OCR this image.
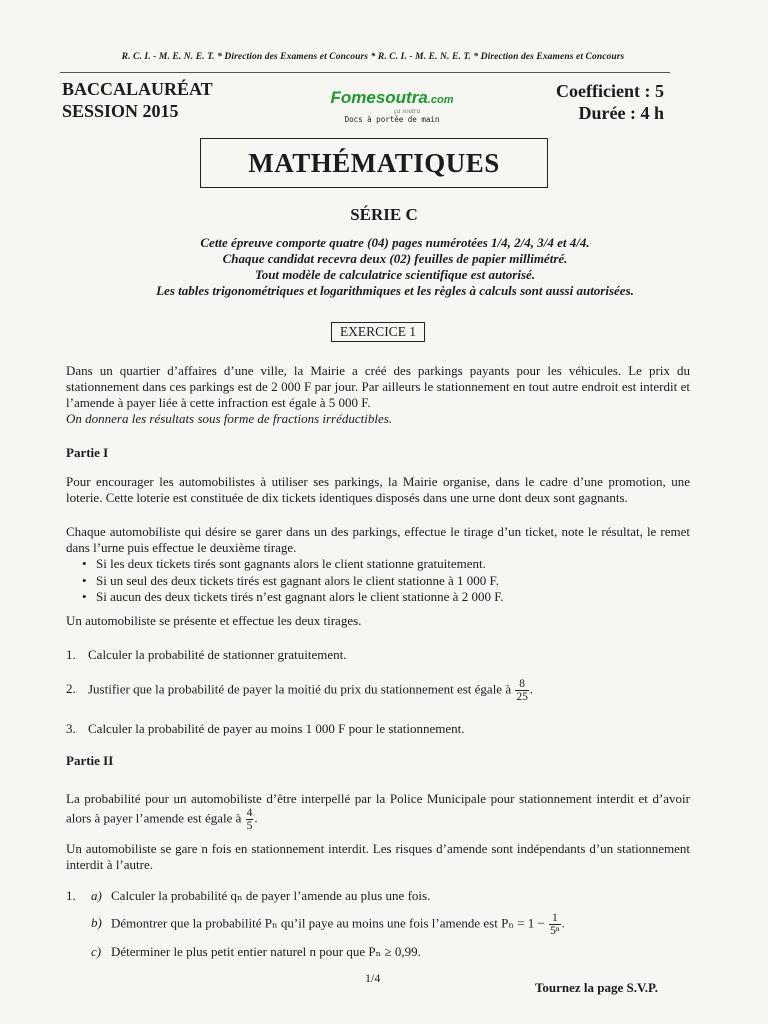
R. C. I. - M. E. N. E. T. * Direction des Examens et Concours * R. C. I. - M. E. N. E. T. * Direction des Examens et Concours
BACCALAURÉAT
SESSION 2015
Fomesoutra.com
ça soutra
Docs à portée de main
Coefficient : 5
Durée : 4 h
MATHÉMATIQUES
SÉRIE C
Cette épreuve comporte quatre (04) pages numérotées 1/4, 2/4, 3/4 et 4/4.
Chaque candidat recevra deux (02) feuilles de papier millimétré.
Tout modèle de calculatrice scientifique est autorisé.
Les tables trigonométriques et logarithmiques et les règles à calculs sont aussi autorisées.
EXERCICE 1
Dans un quartier d’affaires d’une ville, la Mairie a créé des parkings payants pour les véhicules. Le prix du stationnement dans ces parkings est de 2 000 F par jour. Par ailleurs le stationnement en tout autre endroit est interdit et l’amende à payer liée à cette infraction est égale à 5 000 F.
On donnera les résultats sous forme de fractions irréductibles.
Partie I
Pour encourager les automobilistes à utiliser ses parkings, la Mairie organise, dans le cadre d’une promotion, une loterie. Cette loterie est constituée de dix tickets identiques disposés dans une urne dont deux sont gagnants.
Chaque automobiliste qui désire se garer dans un des parkings, effectue le tirage d’un ticket, note le résultat, le remet dans l’urne puis effectue le deuxième tirage.
• Si les deux tickets tirés sont gagnants alors le client stationne gratuitement.
• Si un seul des deux tickets tirés est gagnant alors le client stationne à 1 000 F.
• Si aucun des deux tickets tirés n’est gagnant alors le client stationne à 2 000 F.
Un automobiliste se présente et effectue les deux tirages.
1. Calculer la probabilité de stationner gratuitement.
2. Justifier que la probabilité de payer la moitié du prix du stationnement est égale à $\frac{8}{25}$ .
3. Calculer la probabilité de payer au moins 1 000 F pour le stationnement.
Partie II
La probabilité pour un automobiliste d’être interpellé par la Police Municipale pour stationnement interdit et d’avoir alors à payer l’amende est égale à $\frac{4}{5}$ .
Un automobiliste se gare n fois en stationnement interdit. Les risques d’amende sont indépendants d’un stationnement interdit à l’autre.
1.	a) Calculer la probabilité qₙ de payer l’amende au plus une fois.
b) Démontrer que la probabilité Pₙ qu’il paye au moins une fois l’amende est $P_n = 1 - \frac{1}{\text{5ⁿ}}$ .
c) Déterminer le plus petit entier naturel n pour que Pₙ ≥ 0,99.
1/4
Tournez la page S.V.P.
